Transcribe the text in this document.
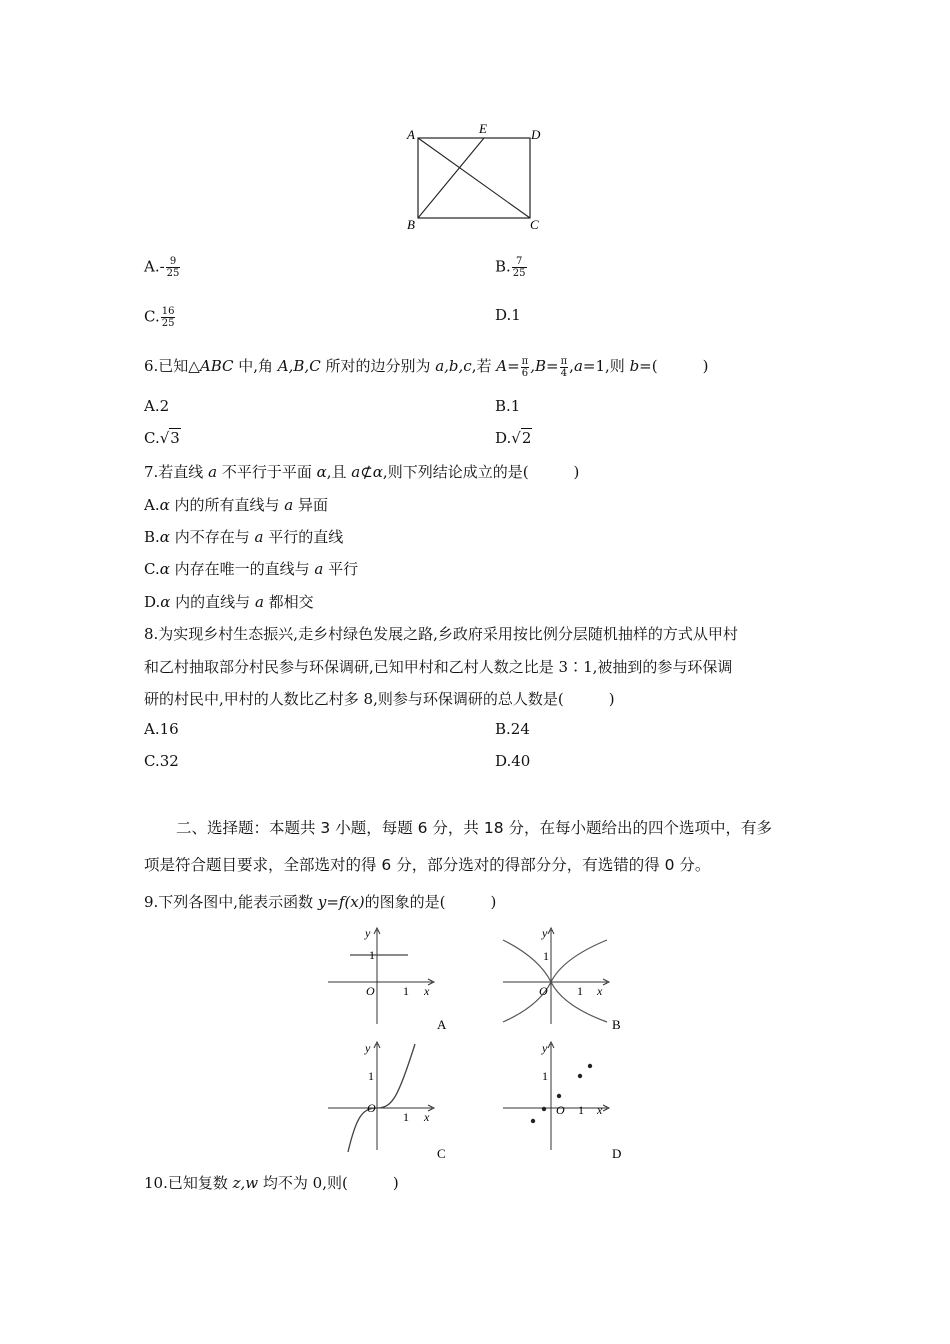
A	E	D
B	C
$A.- \frac{9}{25}$	B. $\frac{7}{25}$
C. $\frac{16}{25}$	D.1
6.已知△ABC 中,角 A,B,C 所对的边分别为 a,b,c,若 $A= \frac{\pi}{6} ,B= \frac{\pi}{4} ,a=1$,则 b=(　　　)
A.2	B.1
C.√3	D.√2
7.若直线 a 不平行于平面 α,且 a⊄α,则下列结论成立的是(　　　)
A.α 内的所有直线与 a 异面
B.α 内不存在与 a 平行的直线
C.α 内存在唯一的直线与 a 平行
D.α 内的直线与 a 都相交
8.为实现乡村生态振兴,走乡村绿色发展之路,乡政府采用按比例分层随机抽样的方式从甲村
和乙村抽取部分村民参与环保调研,已知甲村和乙村人数之比是 3∶1,被抽到的参与环保调
研的村民中,甲村的人数比乙村多 8,则参与环保调研的总人数是(　　　)
A.16	B.24
C.32	D.40
二、选择题：本题共 3 小题，每题 6 分，共 18 分，在每小题给出的四个选项中，有多
项是符合题目要求，全部选对的得 6 分，部分选对的得部分分，有选错的得 0 分。
9.下列各图中,能表示函数 y=f(x)的图象的是(　　　)
y
1
O 1 x
A
y
1
O 1 x
B
y
1
O
1 x
C
y
1
O 1 x
D
10.已知复数 z,w 均不为 0,则(　　　)
